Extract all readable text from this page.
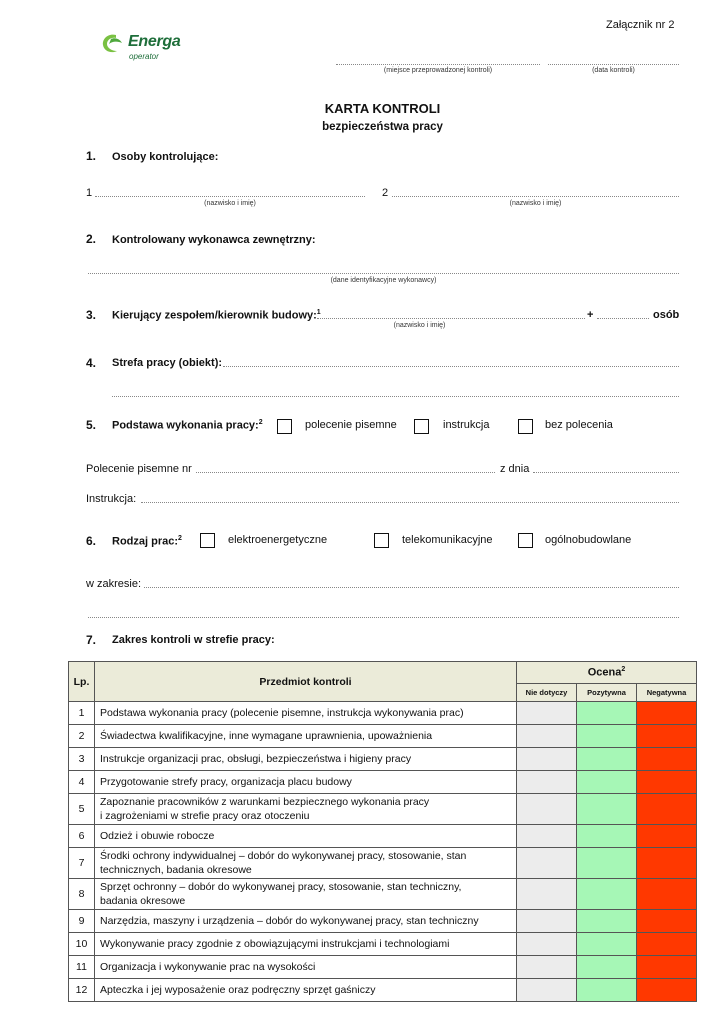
Załącznik nr 2
Energa
operator
(miejsce przeprowadzonej kontroli)	(data kontroli)
KARTA KONTROLI
bezpieczeństwa pracy
1. Osoby kontrolujące:
1
(nazwisko i imię)
2
(nazwisko i imię)
2. Kontrolowany wykonawca zewnętrzny:
(dane identyfikacyjne wykonawcy)
3. Kierujący zespołem/kierownik budowy:$^1$	+	osób
(nazwisko i imię)
4. Strefa pracy (obiekt):
5. Podstawa wykonania pracy:$^2$	polecenie pisemne	instrukcja	bez polecenia
Polecenie pisemne nr	z dnia
Instrukcja:
6. Rodzaj prac:$^2$	elektroenergetyczne	telekomunikacyjne	ogólnobudowlane
w zakresie:
7. Zakres kontroli w strefie pracy:
Lp.	Przedmiot kontroli	Ocena$^2$
		Nie dotyczy	Pozytywna	Negatywna
1	Podstawa wykonania pracy (polecenie pisemne, instrukcja wykonywania prac)			

2	Świadectwa kwalifikacyjne, inne wymagane uprawnienia, upoważnienia			

3	Instrukcje organizacji prac, obsługi, bezpieczeństwa i higieny pracy			

4	Przygotowanie strefy pracy, organizacja placu budowy			

5	Zapoznanie pracowników z warunkami bezpiecznego wykonania pracy
i zagrożeniami w strefie pracy oraz otoczeniu			

6	Odzież i obuwie robocze			

7	Środki ochrony indywidualnej – dobór do wykonywanej pracy, stosowanie, stan
technicznych, badania okresowe			

8	Sprzęt ochronny – dobór do wykonywanej pracy, stosowanie, stan techniczny,
badania okresowe			

9	Narzędzia, maszyny i urządzenia – dobór do wykonywanej pracy, stan techniczny			

10	Wykonywanie pracy zgodnie z obowiązującymi instrukcjami i technologiami			

11	Organizacja i wykonywanie prac na wysokości			

12	Apteczka i jej wyposażenie oraz podręczny sprzęt gaśniczy			
